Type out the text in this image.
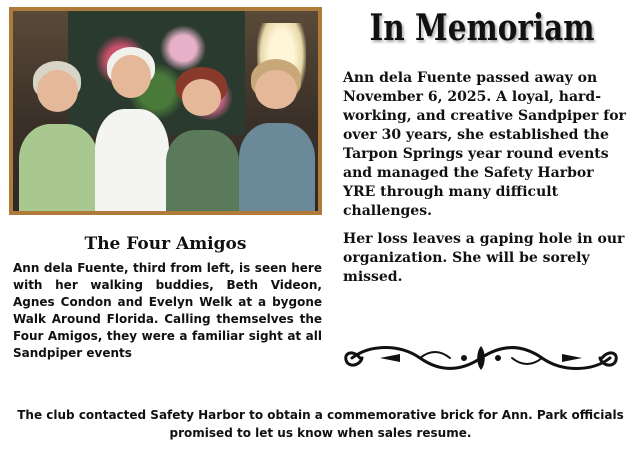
The Four Amigos

Ann dela Fuente, third from left, is seen here with her walking buddies, Beth Videon, Agnes Condon and Evelyn Welk at a bygone Walk Around Florida. Calling themselves the Four Amigos, they were a familiar sight at all Sandpiper events

In Memoriam

Ann dela Fuente passed away on November 6, 2025. A loyal, hard-working, and creative Sandpiper for over 30 years, she established the Tarpon Springs year round events and managed the Safety Harbor YRE through many difficult challenges.

Her loss leaves a gaping hole in our organization. She will be sorely missed.

The club contacted Safety Harbor to obtain a commemorative brick for Ann. Park officials promised to let us know when sales resume.
